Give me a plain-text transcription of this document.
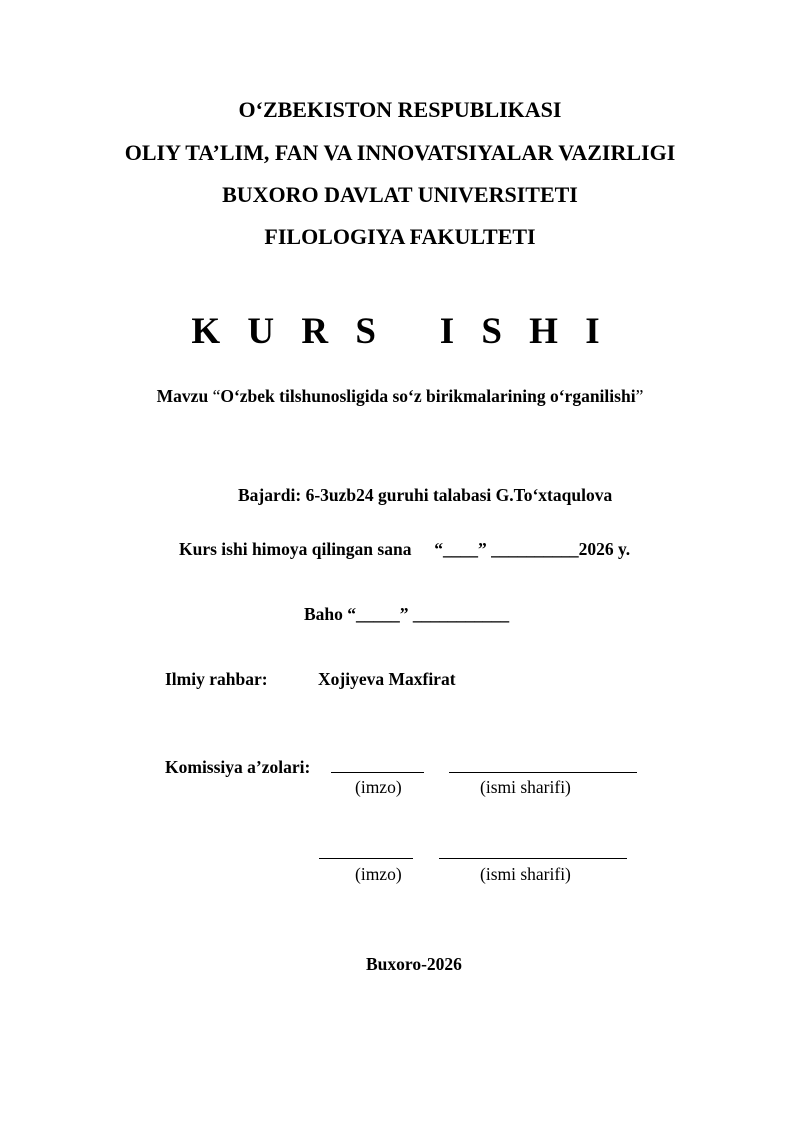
O‘ZBEKISTON RESPUBLIKASI
OLIY TA’LIM, FAN VA INNOVATSIYALAR VAZIRLIGI
BUXORO DAVLAT UNIVERSITETI
FILOLOGIYA FAKULTETI
K U R S   I S H I
Mavzu “O‘zbek tilshunosligida so‘z birikmalarining o‘rganilishi”
Bajardi: 6-3uzb24 guruhi talabasi G.To‘xtaqulova
Kurs ishi himoya qilingan sana “____” __________2026 y.
Baho “_____” ___________
Ilmiy rahbar:	Xojiyeva Maxfirat
Komissiya a’zolari:
(imzo)	(ismi sharifi)
(imzo)	(ismi sharifi)
Buxoro-2026
